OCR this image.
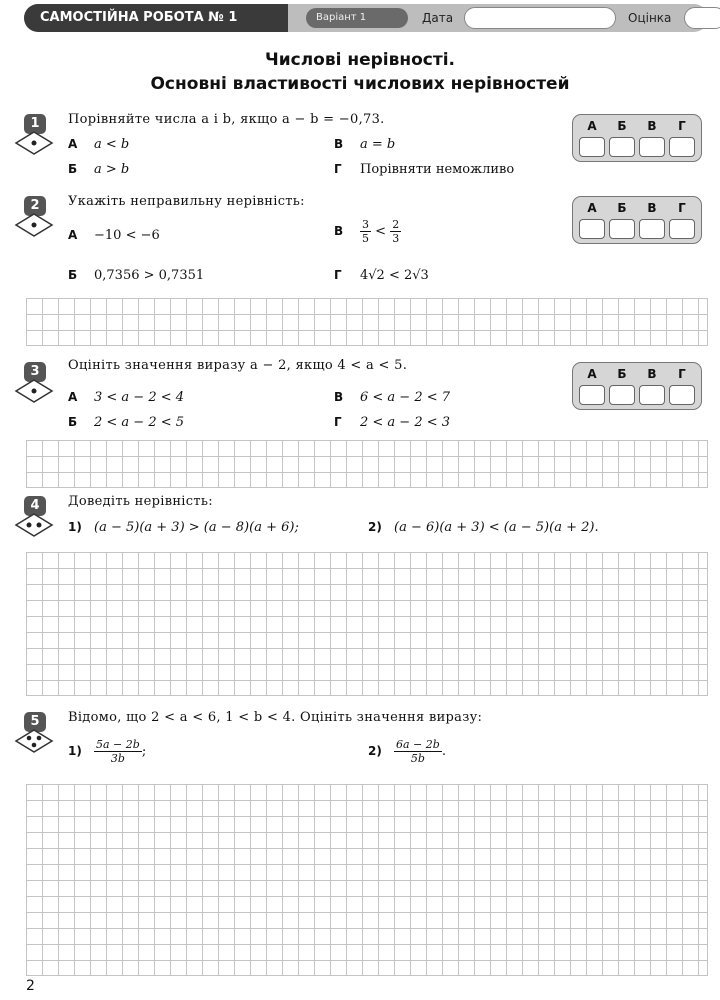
САМОСТІЙНА РОБОТА № 1	Варіант 1	Дата	Оцінка
Числові нерівності.
Основні властивості числових нерівностей
1	Порівняйте числа a і b, якщо a − b = −0,73.
А a < b	В a = b
Б a > b	Г Порівняти неможливо
А	Б	В	Г
2	Укажіть неправильну нерівність:
А −10 < −6	В $\frac{3}{5} < \frac{2}{3}$
Б 0,7356 > 0,7351	Г 4√2 < 2√3
А	Б	В	Г
3	Оцініть значення виразу a − 2, якщо 4 < a < 5.
А 3 < a − 2 < 4	В 6 < a − 2 < 7
Б 2 < a − 2 < 5	Г 2 < a − 2 < 3
А	Б	В	Г
4	Доведіть нерівність:
1) (a − 5)(a + 3) > (a − 8)(a + 6);	2) (a − 6)(a + 3) < (a − 5)(a + 2).
5	Відомо, що 2 < a < 6, 1 < b < 4. Оцініть значення виразу:
$1) \frac{5a - 2b}{3b}$ ;	$2) \frac{6a - 2b}{5b}$ .
2
